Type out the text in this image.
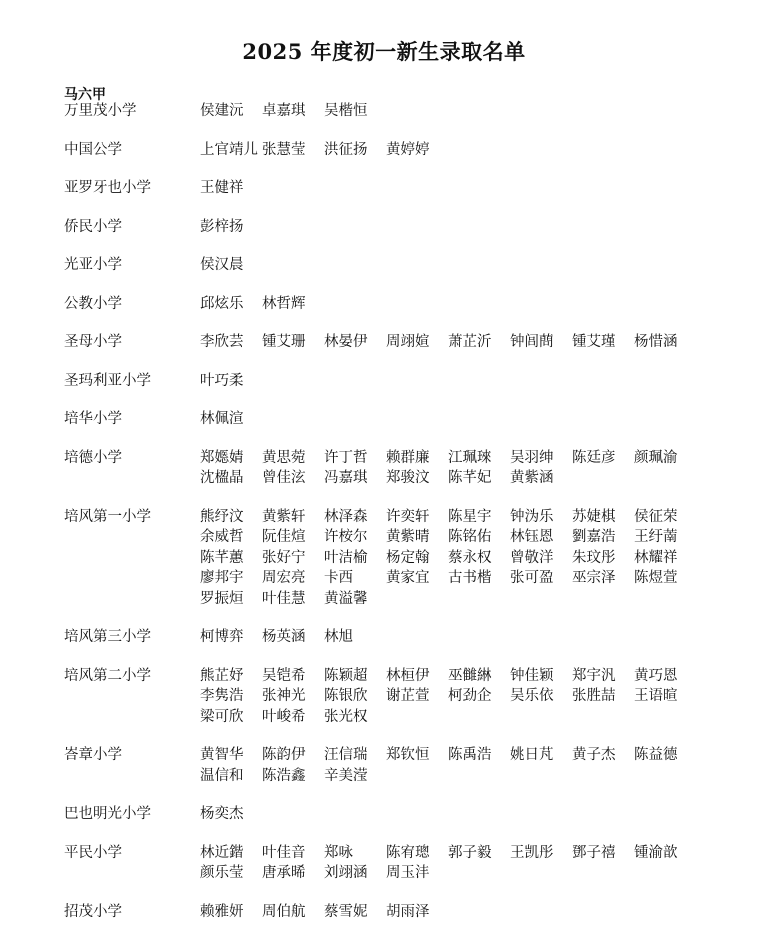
2025 年度初一新生录取名单
马六甲
万里茂小学	侯建沅	卓嘉琪	吴楷恒
中国公学	上官靖儿 张慧莹	洪征扬	黄婷婷
亚罗牙也小学	王健祥
侨民小学	彭梓扬
光亚小学	侯汉晨
公教小学	邱炫乐	林哲辉
圣母小学	李欣芸	锺艾珊	林晏伊	周翊媗	萧芷沂	钟闾蔄	锺艾瑾	杨惜涵
圣玛利亚小学	叶巧柔
培华小学	林佩渲
培德小学	郑嫕婧	黄思菀	许丁哲	赖群廉	江珮琜	吴羽绅	陈廷彦	颜珮渝
沈楹晶	曾佳泫	冯嘉琪	郑骏汶	陈芊妃	黄紫涵
培风第一小学	熊纾汶	黄紫轩	林泽森	许奕轩	陈星宇	钟沩乐	苏婕棋	侯征荣
余威哲	阮佳煊	许桉尔	黄紫晴	陈铭佑	林钰恩	劉嘉浩	王纡萳
陈芊蕙	张好宁	叶洁榆	杨定翰	蔡永权	曾敬洋	朱玟彤	林耀祥
廖邦宇	周宏亮	卡西	黄家宜	古书楷	张可盈	巫宗泽	陈煜萱
罗振烜	叶佳慧	黄溢馨
培风第三小学	柯博弈	杨英涵	林旭
培风第二小学	熊芷妤	吴铠希	陈颖超	林桓伊	巫雠綝	钟佳颖	郑宇汎	黄巧恩
李隽浩	张神光	陈银欣	谢芷萱	柯劲企	吴乐依	张胜喆	王语暄
梁可欣	叶峻希	张光权
峇章小学	黄智华	陈韵伊	汪信瑞	郑钦恒	陈禹浩	姚日芃	黄子杰	陈益德
温信和	陈浩鑫	辛美滢
巴也明光小学	杨奕杰
平民小学	林近鍇	叶佳音	郑咏	陈宥璁	郭子毅	王凯彤	鄧子禧	锺渝歆
颜乐莹	唐承晞	刘翊涵	周玉沣
招茂小学	赖雅妍	周伯航	蔡雪妮	胡雨泽
